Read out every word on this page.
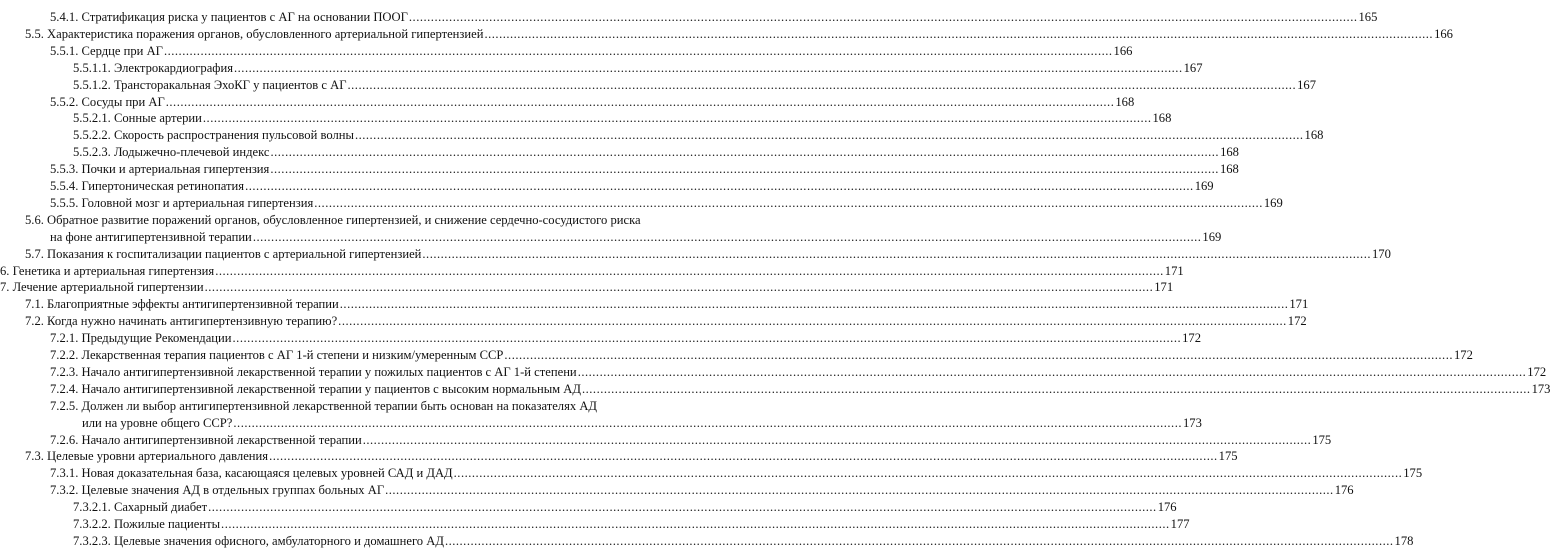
5.4.1. Стратификация риска у пациентов с АГ на основании ПООГ .................................................................................................................................................................................................................................................................... 165
5.5. Характеристика поражения органов, обусловленного артериальной гипертензией .................................................................................................................................................................................................................................................................... 166
5.5.1. Сердце при АГ .................................................................................................................................................................................................................................................................... 166
5.5.1.1. Электрокардиография .................................................................................................................................................................................................................................................................... 167
5.5.1.2. Трансторакальная ЭхоКГ у пациентов с АГ .................................................................................................................................................................................................................................................................... 167
5.5.2. Сосуды при АГ .................................................................................................................................................................................................................................................................... 168
5.5.2.1. Сонные артерии .................................................................................................................................................................................................................................................................... 168
5.5.2.2. Скорость распространения пульсовой волны .................................................................................................................................................................................................................................................................... 168
5.5.2.3. Лодыжечно-плечевой индекс .................................................................................................................................................................................................................................................................... 168
5.5.3. Почки и артериальная гипертензия .................................................................................................................................................................................................................................................................... 168
5.5.4. Гипертоническая ретинопатия .................................................................................................................................................................................................................................................................... 169
5.5.5. Головной мозг и артериальная гипертензия .................................................................................................................................................................................................................................................................... 169
5.6. Обратное развитие поражений органов, обусловленное гипертензией, и снижение сердечно-сосудистого риска
на фоне антигипертензивной терапии .................................................................................................................................................................................................................................................................... 169
5.7. Показания к госпитализации пациентов с артериальной гипертензией .................................................................................................................................................................................................................................................................... 170
6. Генетика и артериальная гипертензия .................................................................................................................................................................................................................................................................... 171
7. Лечение артериальной гипертензии .................................................................................................................................................................................................................................................................... 171
7.1. Благоприятные эффекты антигипертензивной терапии .................................................................................................................................................................................................................................................................... 171
7.2. Когда нужно начинать антигипертензивную терапию? .................................................................................................................................................................................................................................................................... 172
7.2.1. Предыдущие Рекомендации .................................................................................................................................................................................................................................................................... 172
7.2.2. Лекарственная терапия пациентов с АГ 1-й степени и низким/умеренным ССР .................................................................................................................................................................................................................................................................... 172
7.2.3. Начало антигипертензивной лекарственной терапии у пожилых пациентов с АГ 1-й степени .................................................................................................................................................................................................................................................................... 172
7.2.4. Начало антигипертензивной лекарственной терапии у пациентов с высоким нормальным АД .................................................................................................................................................................................................................................................................... 173
7.2.5. Должен ли выбор антигипертензивной лекарственной терапии быть основан на показателях АД
или на уровне общего ССР? .................................................................................................................................................................................................................................................................... 173
7.2.6. Начало антигипертензивной лекарственной терапии .................................................................................................................................................................................................................................................................... 175
7.3. Целевые уровни артериального давления .................................................................................................................................................................................................................................................................... 175
7.3.1. Новая доказательная база, касающаяся целевых уровней САД и ДАД .................................................................................................................................................................................................................................................................... 175
7.3.2. Целевые значения АД в отдельных группах больных АГ .................................................................................................................................................................................................................................................................... 176
7.3.2.1. Сахарный диабет .................................................................................................................................................................................................................................................................... 176
7.3.2.2. Пожилые пациенты .................................................................................................................................................................................................................................................................... 177
7.3.2.3. Целевые значения офисного, амбулаторного и домашнего АД .................................................................................................................................................................................................................................................................... 178
